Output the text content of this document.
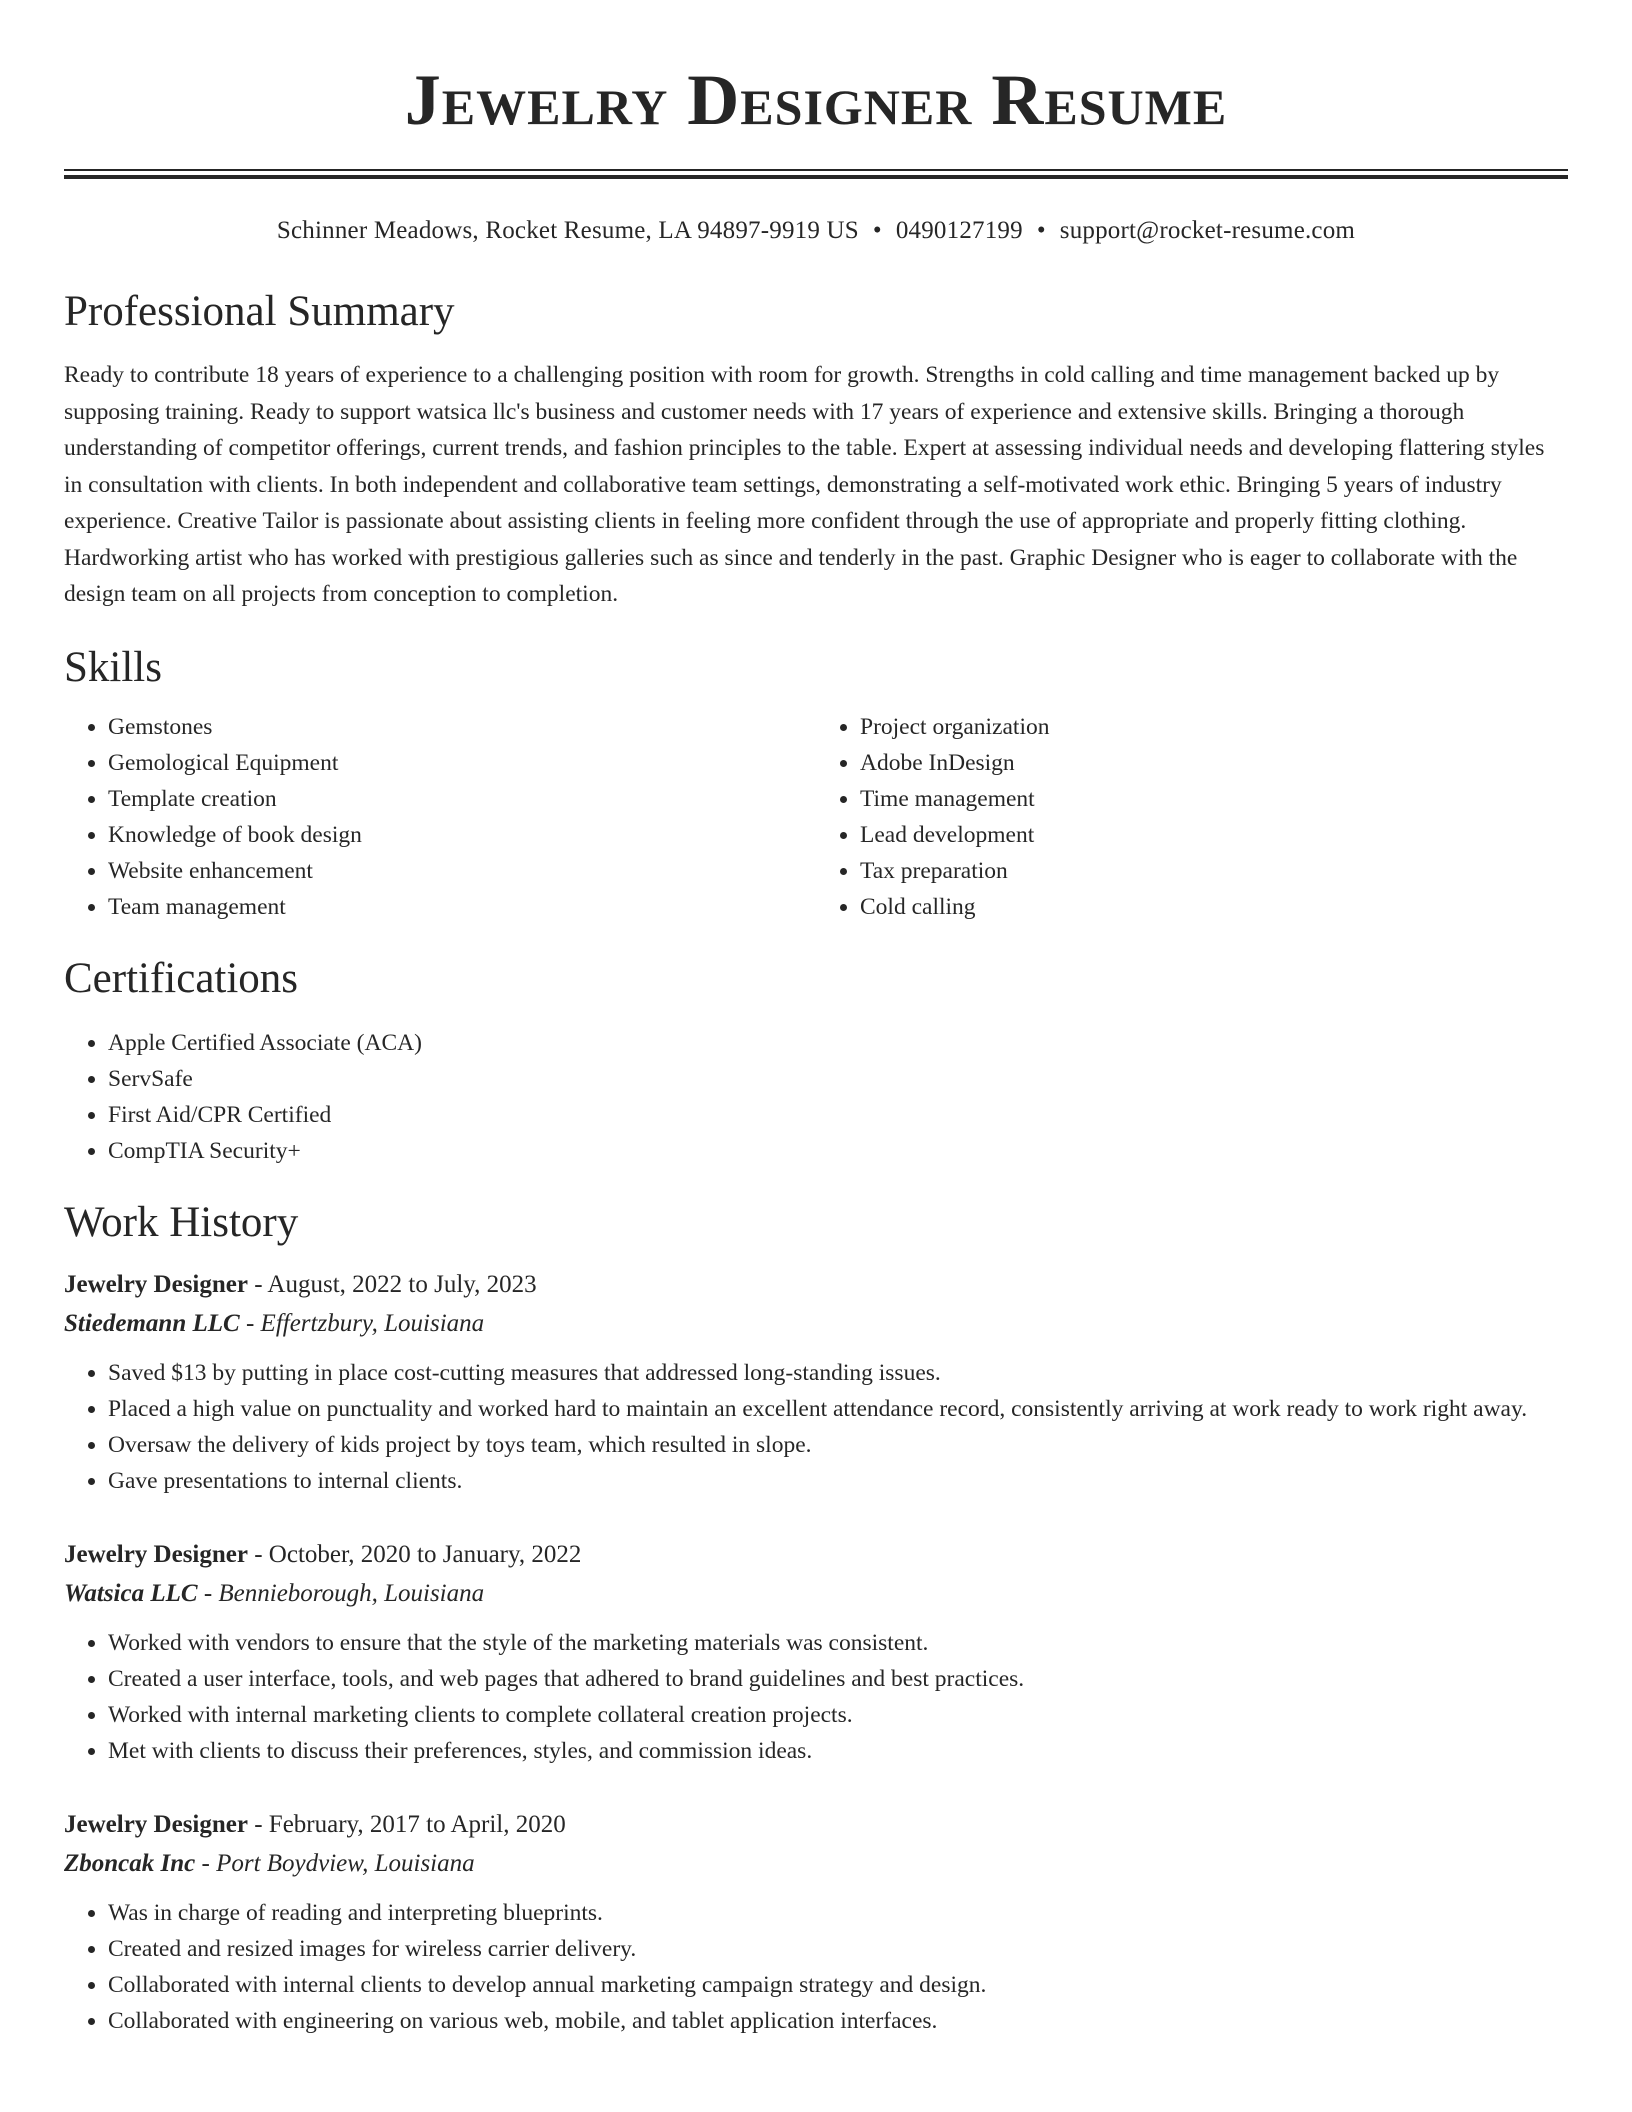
Jewelry Designer Resume
Schinner Meadows, Rocket Resume, LA 94897-9919 US • 0490127199 • support@rocket-resume.com
Professional Summary

Ready to contribute 18 years of experience to a challenging position with room for growth. Strengths in cold calling and time management backed up by supposing training. Ready to support watsica llc's business and customer needs with 17 years of experience and extensive skills. Bringing a thorough understanding of competitor offerings, current trends, and fashion principles to the table. Expert at assessing individual needs and developing flattering styles in consultation with clients. In both independent and collaborative team settings, demonstrating a self-motivated work ethic. Bringing 5 years of industry experience. Creative Tailor is passionate about assisting clients in feeling more confident through the use of appropriate and properly fitting clothing. Hardworking artist who has worked with prestigious galleries such as since and tenderly in the past. Graphic Designer who is eager to collaborate with the design team on all projects from conception to completion.

Skills
• Gemstones
• Gemological Equipment
• Template creation
• Knowledge of book design
• Website enhancement
• Team management
• Project organization
• Adobe InDesign
• Time management
• Lead development
• Tax preparation
• Cold calling
Certifications
• Apple Certified Associate (ACA)
• ServSafe
• First Aid/CPR Certified
• CompTIA Security+
Work History
Jewelry Designer - August, 2022 to July, 2023
Stiedemann LLC - Effertzbury, Louisiana
• Saved $13 by putting in place cost-cutting measures that addressed long-standing issues.
• Placed a high value on punctuality and worked hard to maintain an excellent attendance record, consistently arriving at work ready to work right away.
• Oversaw the delivery of kids project by toys team, which resulted in slope.
• Gave presentations to internal clients.
Jewelry Designer - October, 2020 to January, 2022
Watsica LLC - Bennieborough, Louisiana
• Worked with vendors to ensure that the style of the marketing materials was consistent.
• Created a user interface, tools, and web pages that adhered to brand guidelines and best practices.
• Worked with internal marketing clients to complete collateral creation projects.
• Met with clients to discuss their preferences, styles, and commission ideas.
Jewelry Designer - February, 2017 to April, 2020
Zboncak Inc - Port Boydview, Louisiana
• Was in charge of reading and interpreting blueprints.
• Created and resized images for wireless carrier delivery.
• Collaborated with internal clients to develop annual marketing campaign strategy and design.
• Collaborated with engineering on various web, mobile, and tablet application interfaces.
